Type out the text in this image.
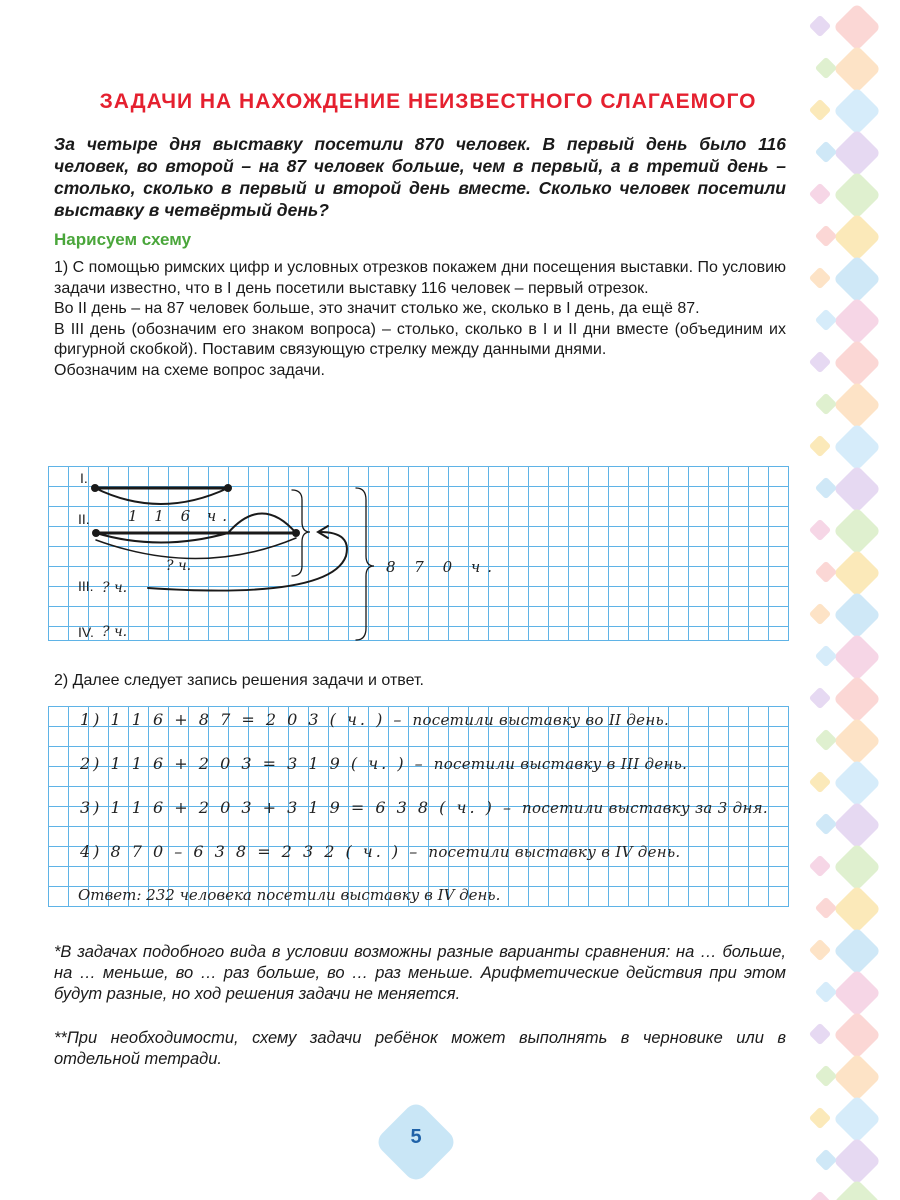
ЗАДАЧИ НА НАХОЖДЕНИЕ НЕИЗВЕСТНОГО СЛАГАЕМОГО

За четыре дня выставку посетили 870 человек. В первый день было 116 человек, во второй – на 87 человек больше, чем в первый, а в третий день – столько, сколько в первый и второй день вместе. Сколько человек посетили выставку в четвёртый день?

Нарисуем схему

1) С помощью римских цифр и условных отрезков покажем дни посещения выставки. По условию задачи известно, что в I день посетили выставку 116 человек – первый отрезок.

Во II день – на 87 человек больше, это значит столько же, сколько в I день, да ещё 87.

В III день (обозначим его знаком вопроса) – столько, сколько в I и II дни вместе (объединим их фигурной скобкой). Поставим связующую стрелку между данными днями.

Обозначим на схеме вопрос задачи.

I.
II.
III.
IV.
1 1 6 ч.
? ч.
? ч.
? ч.
8 7 0 ч.

2) Далее следует запись решения задачи и ответ.

1) 1 1 6 + 8 7 = 2 0 3 ( ч. ) – посетили выставку во II день.
2) 1 1 6 + 2 0 3 = 3 1 9 ( ч. ) – посетили выставку в III день.
3) 1 1 6 + 2 0 3 + 3 1 9 = 6 3 8 ( ч. ) – посетили выставку за 3 дня.
4) 8 7 0 – 6 3 8 = 2 3 2 ( ч. ) – посетили выставку в IV день.
Ответ: 232 человека посетили выставку в IV день.

*В задачах подобного вида в условии возможны разные варианты сравнения: на … больше, на … меньше, во … раз больше, во … раз меньше. Арифметические действия при этом будут разные, но ход решения задачи не меняется.

**При необходимости, схему задачи ребёнок может выполнять в черновике или в отдельной тетради.

5
